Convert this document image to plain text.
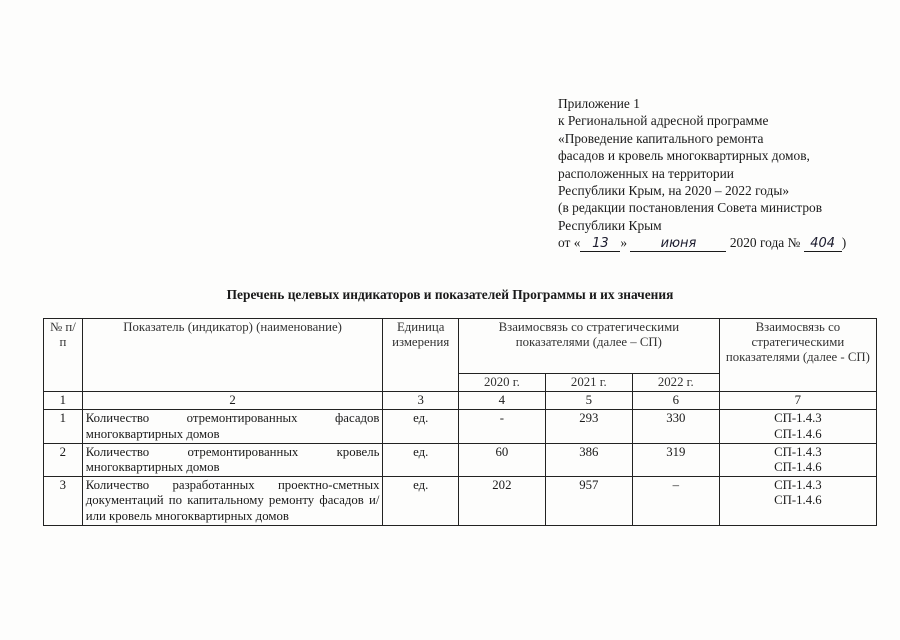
Приложение 1
к Региональной адресной программе
«Проведение капитального ремонта
фасадов и кровель многоквартирных домов,
расположенных на территории
Республики Крым, на 2020 – 2022 годы»
(в редакции постановления Совета министров
Республики Крым
от « 13 »	июня	2020 года № 404 )
Перечень целевых индикаторов и показателей Программы и их значения
№ п/п	Показатель (индикатор) (наименование)	Единица измерения	Взаимосвязь со стратегическими показателями (далее – СП)			Взаимосвязь со стратегическими показателями (далее - СП)
			2020 г.	2021 г.	2022 г.	
1	2	3	4	5	6	7
1	Количество отремонтированных фасадов многоквартирных домов	ед.	-	293	330	СП-1.4.3
СП-1.4.6

2	Количество отремонтированных кровель многоквартирных домов	ед.	60	386	319	СП-1.4.3
СП-1.4.6

3	Количество разработанных проектно-сметных документаций по капитальному ремонту фасадов и/или кровель многоквартирных домов	ед.	202	957	–	СП-1.4.3
СП-1.4.6
